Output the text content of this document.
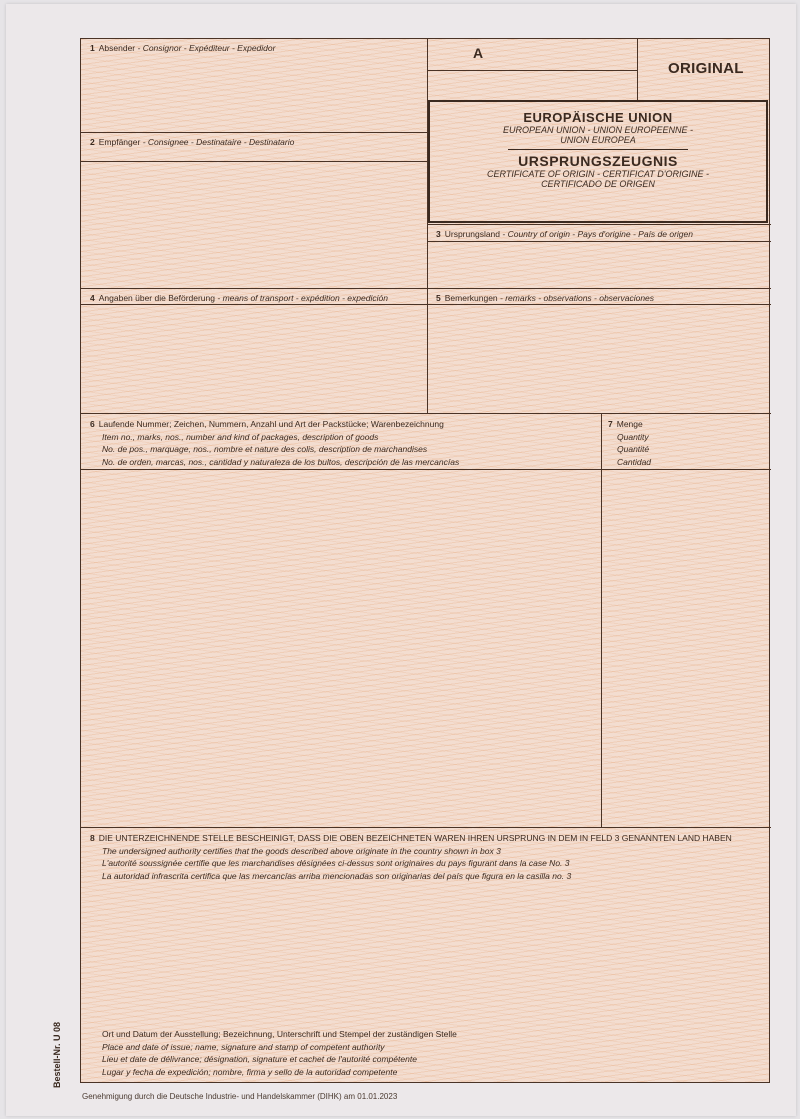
1 Absender - Consignor - Expéditeur - Expedidor
2 Empfänger - Consignee - Destinataire - Destinatario
A
ORIGINAL
EUROPÄISCHE UNION
EUROPEAN UNION - UNION EUROPEENNE -
UNION EUROPEA
URSPRUNGSZEUGNIS
CERTIFICATE OF ORIGIN - CERTIFICAT D'ORIGINE -
CERTIFICADO DE ORIGEN
3 Ursprungsland - Country of origin - Pays d'origine - País de origen
4 Angaben über die Beförderung - means of transport - expédition - expedición	5 Bemerkungen - remarks - observations - observaciones
6 Laufende Nummer; Zeichen, Nummern, Anzahl und Art der Packstücke; Warenbezeichnung
Item no., marks, nos., number and kind of packages, description of goods
No. de pos., marquage, nos., nombre et nature des colis, description de marchandises
No. de orden, marcas, nos., cantidad y naturaleza de los bultos, descripción de las mercancías
7 Menge
Quantity
Quantité
Cantidad
8 DIE UNTERZEICHNENDE STELLE BESCHEINIGT, DASS DIE OBEN BEZEICHNETEN WAREN IHREN URSPRUNG IN DEM IN FELD 3 GENANNTEN LAND HABEN
The undersigned authority certifies that the goods described above originate in the country shown in box 3
L'autorité soussignée certifie que les marchandises désignées ci-dessus sont originaires du pays figurant dans la case No. 3
La autoridad infrascrita certifica que las mercancías arriba mencionadas son originarias del país que figura en la casilla no. 3
Ort und Datum der Ausstellung; Bezeichnung, Unterschrift und Stempel der zuständigen Stelle
Place and date of issue; name, signature and stamp of competent authority
Lieu et date de délivrance; désignation, signature et cachet de l'autorité compétente
Lugar y fecha de expedición; nombre, firma y sello de la autoridad competente
Bestell-Nr. U 08
Genehmigung durch die Deutsche Industrie- und Handelskammer (DIHK) am 01.01.2023
